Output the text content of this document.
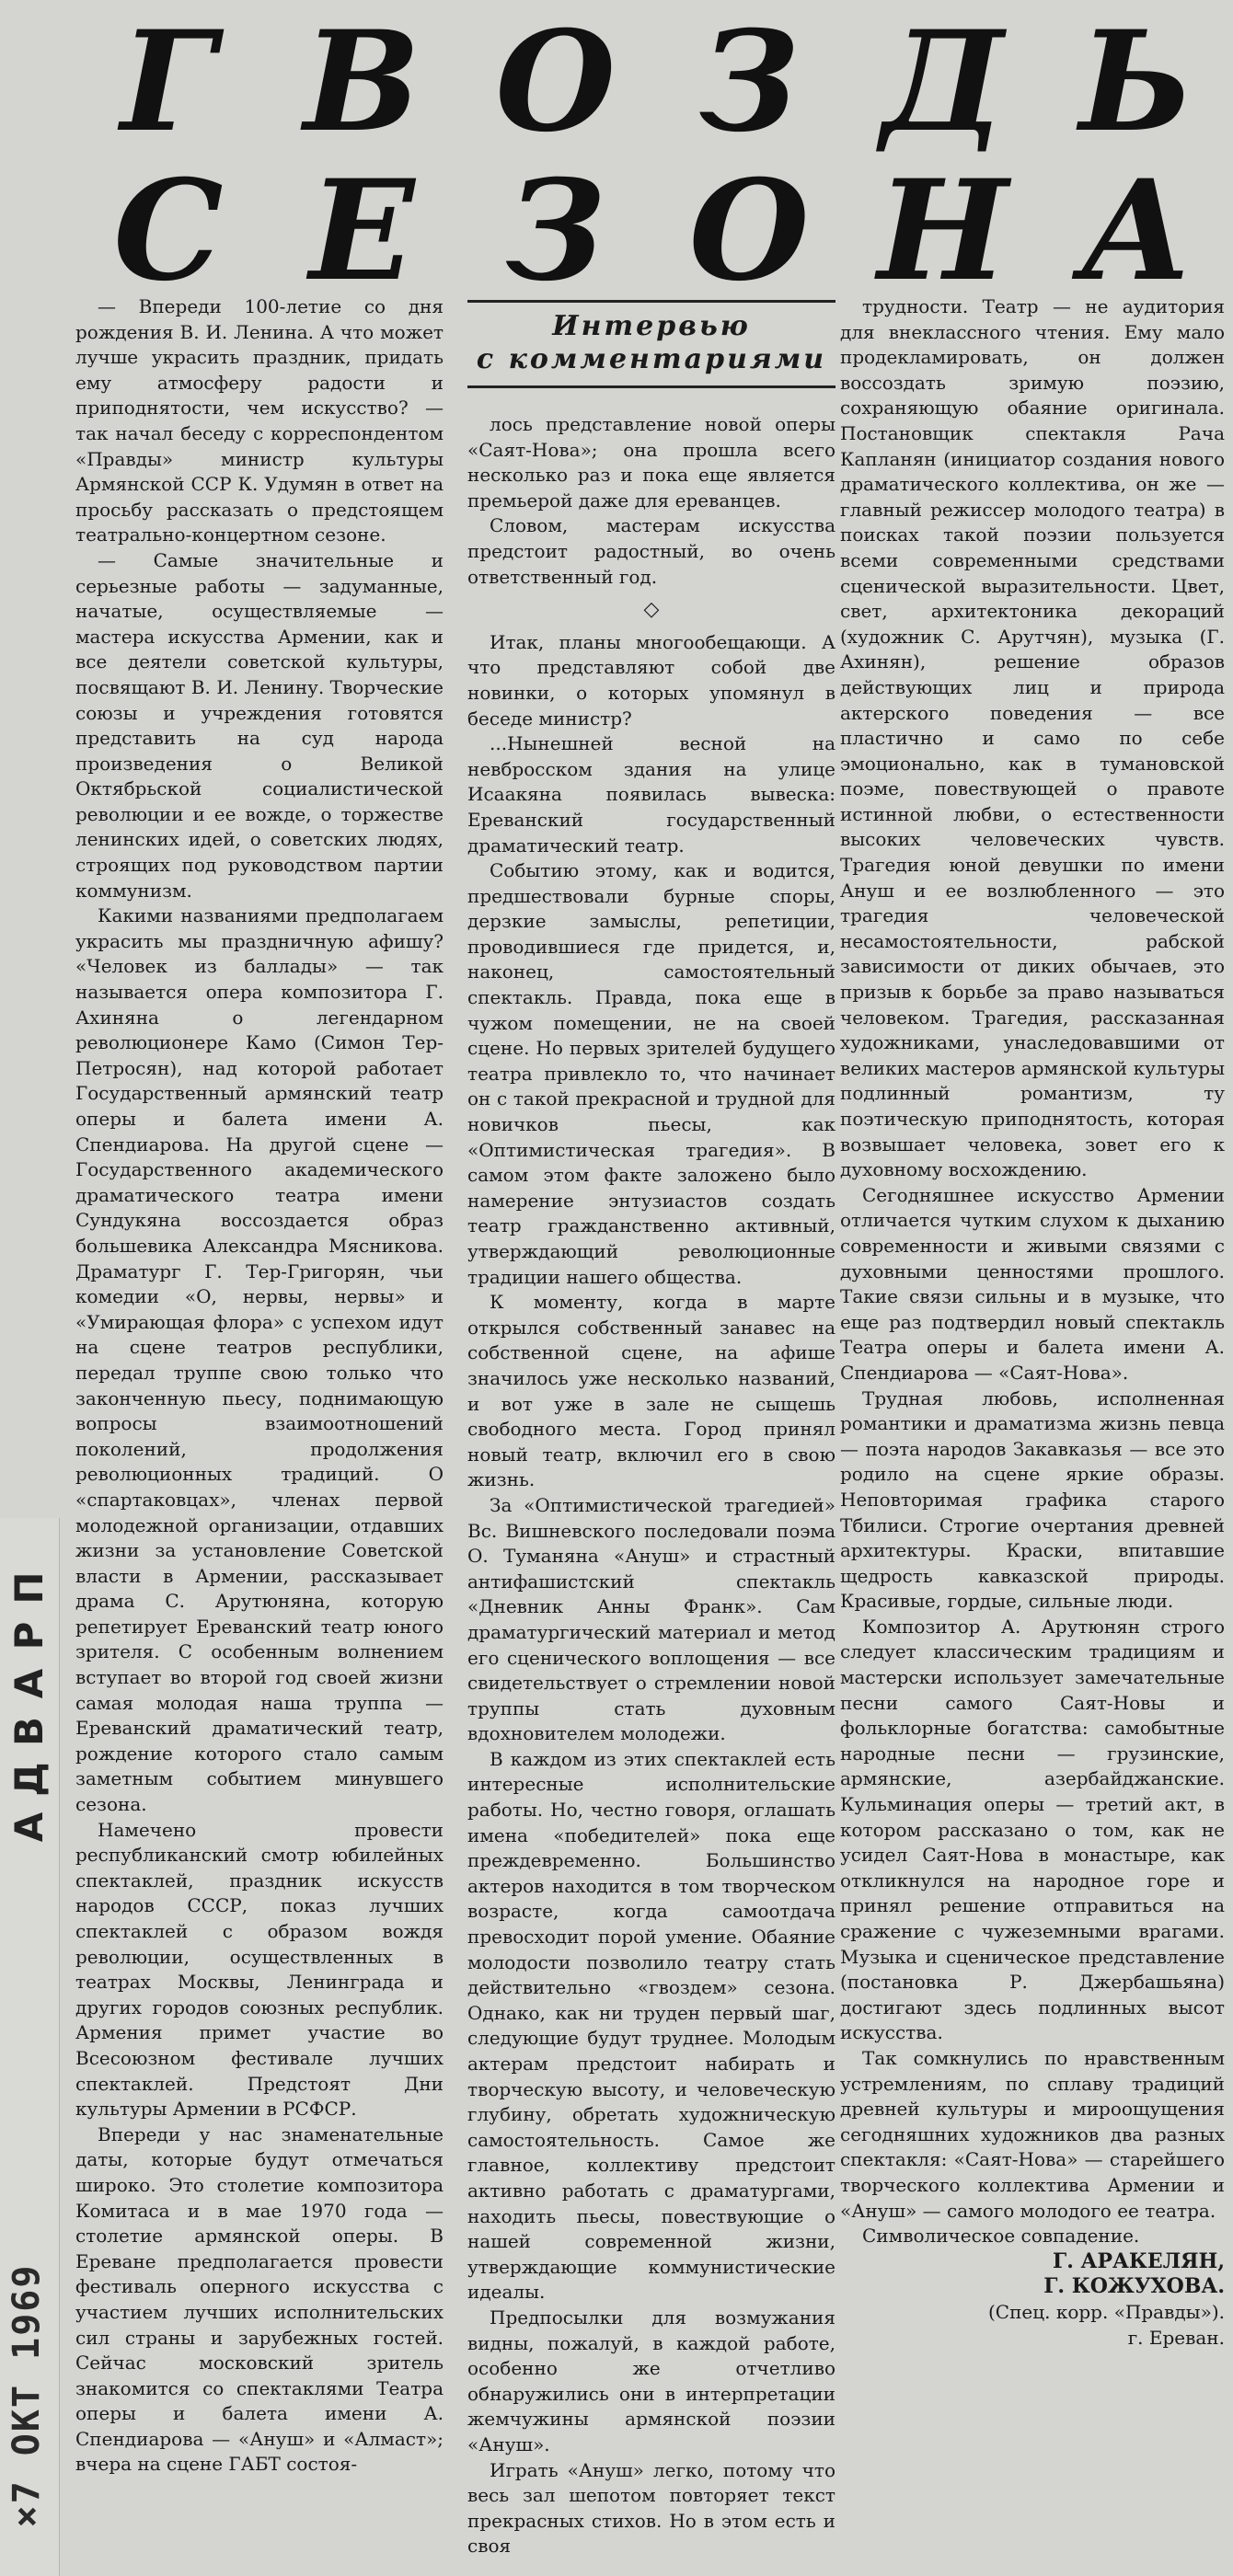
Г В О З Д Ь
С Е З О Н А

— Впереди 100-летие со дня рождения В. И. Ленина. А что может лучше украсить праздник, придать ему атмосферу радости и приподнятости, чем искусство? — так начал беседу с корреспондентом «Правды» министр культуры Армянской ССР К. Удумян в ответ на просьбу рассказать о предстоящем театрально-концертном сезоне.

— Самые значительные и серьезные работы — задуманные, начатые, осуществляемые — мастера искусства Армении, как и все деятели советской культуры, посвящают В. И. Ленину. Творческие союзы и учреждения готовятся представить на суд народа произведения о Великой Октябрьской социалистической революции и ее вожде, о торжестве ленинских идей, о советских людях, строящих под руководством партии коммунизм.

Какими названиями предполагаем украсить мы праздничную афишу? «Человек из баллады» — так называется опера композитора Г. Ахиняна о легендарном революционере Камо (Симон Тер-Петросян), над которой работает Государственный армянский театр оперы и балета имени А. Спендиарова. На другой сцене — Государственного академического драматического театра имени Сундукяна воссоздается образ большевика Александра Мясникова. Драматург Г. Тер-Григорян, чьи комедии «О, нервы, нервы» и «Умирающая флора» с успехом идут на сцене театров республики, передал труппе свою только что законченную пьесу, поднимающую вопросы взаимоотношений поколений, продолжения революционных традиций. О «спартаковцах», членах первой молодежной организации, отдавших жизни за установление Советской власти в Армении, рассказывает драма С. Арутюняна, которую репетирует Ереванский театр юного зрителя. С особенным волнением вступает во второй год своей жизни самая молодая наша труппа — Ереванский драматический театр, рождение которого стало самым заметным событием минувшего сезона.

Намечено провести республиканский смотр юбилейных спектаклей, праздник искусств народов СССР, показ лучших спектаклей с образом вождя революции, осуществленных в театрах Москвы, Ленинграда и других городов союзных республик. Армения примет участие во Всесоюзном фестивале лучших спектаклей. Предстоят Дни культуры Армении в РСФСР.

Впереди у нас знаменательные даты, которые будут отмечаться широко. Это столетие композитора Комитаса и в мае 1970 года — столетие армянской оперы. В Ереване предполагается провести фестиваль оперного искусства с участием лучших исполнительских сил страны и зарубежных гостей. Сейчас московский зритель знакомится со спектаклями Театра оперы и балета имени А. Спендиарова — «Ануш» и «Алмаст»; вчера на сцене ГАБТ состоя-

Интервью
с комментариями

лось представление новой оперы «Саят-Нова»; она прошла всего несколько раз и пока еще является премьерой даже для ереванцев.

Словом, мастерам искусства предстоит радостный, во очень ответственный год.

◇

Итак, планы многообещающи. А что представляют собой две новинки, о которых упомянул в беседе министр?

...Нынешней весной на невбросском здания на улице Исаакяна появилась вывеска: Ереванский государственный драматический театр.

Событию этому, как и водится, предшествовали бурные споры, дерзкие замыслы, репетиции, проводившиеся где придется, и, наконец, самостоятельный спектакль. Правда, пока еще в чужом помещении, не на своей сцене. Но первых зрителей будущего театра привлекло то, что начинает он с такой прекрасной и трудной для новичков пьесы, как «Оптимистическая трагедия». В самом этом факте заложено было намерение энтузиастов создать театр гражданственно активный, утверждающий революционные традиции нашего общества.

К моменту, когда в марте открылся собственный занавес на собственной сцене, на афише значилось уже несколько названий, и вот уже в зале не сыщешь свободного места. Город принял новый театр, включил его в свою жизнь.

За «Оптимистической трагедией» Вс. Вишневского последовали поэма О. Туманяна «Ануш» и страстный антифашистский спектакль «Дневник Анны Франк». Сам драматургический материал и метод его сценического воплощения — все свидетельствует о стремлении новой труппы стать духовным вдохновителем молодежи.

В каждом из этих спектаклей есть интересные исполнительские работы. Но, честно говоря, оглашать имена «победителей» пока еще преждевременно. Большинство актеров находится в том творческом возрасте, когда самоотдача превосходит порой умение. Обаяние молодости позволило театру стать действительно «гвоздем» сезона. Однако, как ни труден первый шаг, следующие будут труднее. Молодым актерам предстоит набирать и творческую высоту, и человеческую глубину, обретать художническую самостоятельность. Самое же главное, коллективу предстоит активно работать с драматургами, находить пьесы, повествующие о нашей современной жизни, утверждающие коммунистические идеалы.

Предпосылки для возмужания видны, пожалуй, в каждой работе, особенно же отчетливо обнаружились они в интерпретации жемчужины армянской поэзии «Ануш».

Играть «Ануш» легко, потому что весь зал шепотом повторяет текст прекрасных стихов. Но в этом есть и своя

трудности. Театр — не аудитория для внеклассного чтения. Ему мало продекламировать, он должен воссоздать зримую поэзию, сохраняющую обаяние оригинала. Постановщик спектакля Рача Капланян (инициатор создания нового драматического коллектива, он же — главный режиссер молодого театра) в поисках такой поэзии пользуется всеми современными средствами сценической выразительности. Цвет, свет, архитектоника декораций (художник С. Арутчян), музыка (Г. Ахинян), решение образов действующих лиц и природа актерского поведения — все пластично и само по себе эмоционально, как в тумановской поэме, повествующей о правоте истинной любви, о естественности высоких человеческих чувств. Трагедия юной девушки по имени Ануш и ее возлюбленного — это трагедия человеческой несамостоятельности, рабской зависимости от диких обычаев, это призыв к борьбе за право называться человеком. Трагедия, рассказанная художниками, унаследовавшими от великих мастеров армянской культуры подлинный романтизм, ту поэтическую приподнятость, которая возвышает человека, зовет его к духовному восхождению.

Сегодняшнее искусство Армении отличается чутким слухом к дыханию современности и живыми связями с духовными ценностями прошлого. Такие связи сильны и в музыке, что еще раз подтвердил новый спектакль Театра оперы и балета имени А. Спендиарова — «Саят-Нова».

Трудная любовь, исполненная романтики и драматизма жизнь певца — поэта народов Закавказья — все это родило на сцене яркие образы. Неповторимая графика старого Тбилиси. Строгие очертания древней архитектуры. Краски, впитавшие щедрость кавказской природы. Красивые, гордые, сильные люди.

Композитор А. Арутюнян строго следует классическим традициям и мастерски использует замечательные песни самого Саят-Новы и фольклорные богатства: самобытные народные песни — грузинские, армянские, азербайджанские. Кульминация оперы — третий акт, в котором рассказано о том, как не усидел Саят-Нова в монастыре, как откликнулся на народное горе и принял решение отправиться на сражение с чужеземными врагами. Музыка и сценическое представление (постановка Р. Джербашьяна) достигают здесь подлинных высот искусства.

Так сомкнулись по нравственным устремлениям, по сплаву традиций древней культуры и мироощущения сегодняшних художников два разных спектакля: «Саят-Нова» — старейшего творческого коллектива Армении и «Ануш» — самого молодого ее театра.

Символическое совпадение.

Г. АРАКЕЛЯН,

Г. КОЖУХОВА.

(Спец. корр. «Правды»).

г. Ереван.

П
Р
А
В
Д
А
×7 ОКТ 1969
